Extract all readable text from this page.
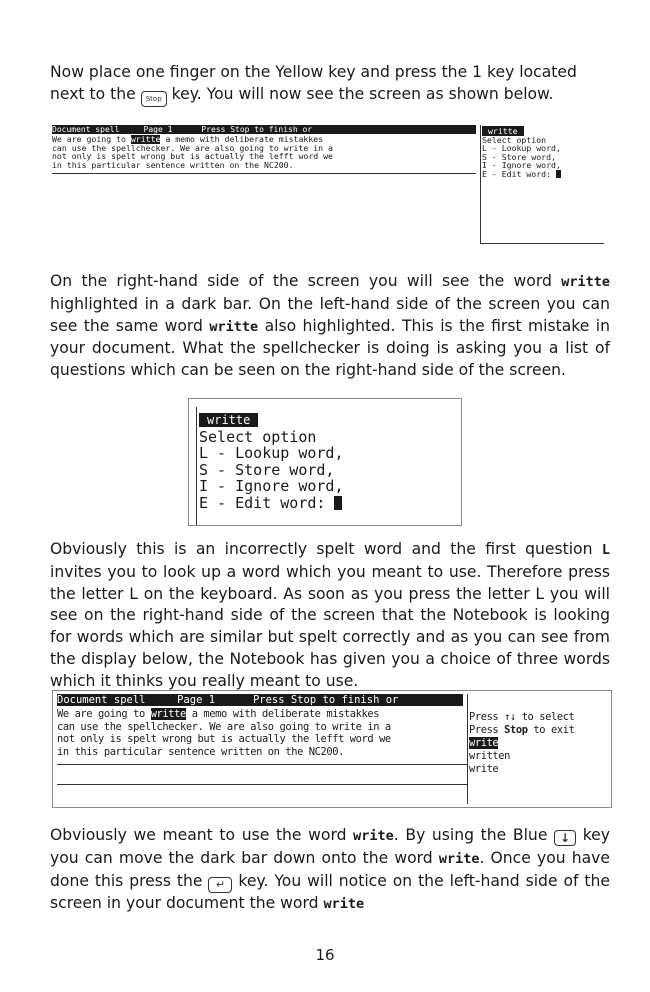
Now place one finger on the Yellow key and press the 1 key located next to the Stop key. You will now see the screen as shown below.

Document spell     Page 1      Press Stop to finish or
We are going to writte a memo with deliberate mistakkes
can use the spellchecker. We are also going to write in a
not only is spelt wrong but is actually the lefft word we
in this particular sentence written on the NC200.
writte
Select option
L - Lookup word,
S - Store word,
I - Ignore word,
E - Edit word:

On the right-hand side of the screen you will see the word writte highlighted in a dark bar. On the left-hand side of the screen you can see the same word writte also highlighted. This is the first mistake in your document. What the spellchecker is doing is asking you a list of questions which can be seen on the right-hand side of the screen.

writte
Select option
L - Lookup word,
S - Store word,
I - Ignore word,
E - Edit word:

Obviously this is an incorrectly spelt word and the first question L invites you to look up a word which you meant to use. Therefore press the letter L on the keyboard. As soon as you press the letter L you will see on the right-hand side of the screen that the Notebook is looking for words which are similar but spelt correctly and as you can see from the display below, the Notebook has given you a choice of three words which it thinks you really meant to use.

Document spell     Page 1      Press Stop to finish or
We are going to writte a memo with deliberate mistakkes
can use the spellchecker. We are also going to write in a
not only is spelt wrong but is actually the lefft word we
in this particular sentence written on the NC200.
Press ↑↓ to select
Press Stop to exit
write
written
write

Obviously we meant to use the word write. By using the Blue ↓ key you can move the dark bar down onto the word write. Once you have done this press the ↵ key. You will notice on the left-hand side of the screen in your document the word write

16
